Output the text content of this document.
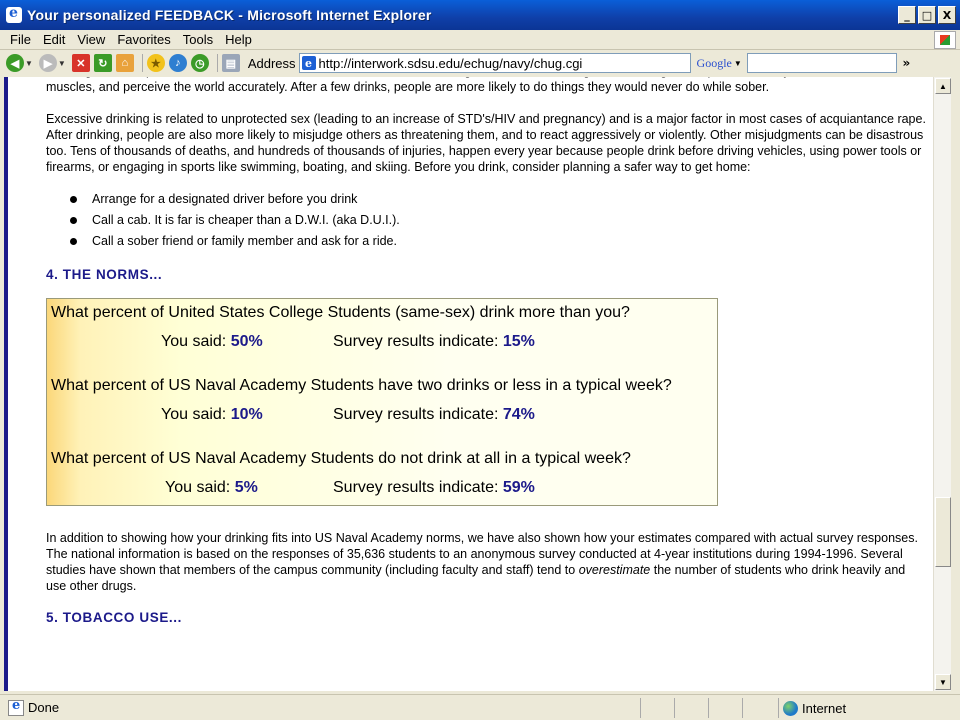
e
Your personalized FEEDBACK - Microsoft Internet Explorer	_	□ X
File Edit View Favorites Tools Help
◀ ▼ ▶ ▼ ✕	↻	⌂	★	♪	◷	▤ Address e http://interwork.sdsu.edu/echug/navy/chug.cgi	Google ▼	»

muscles, and perceive the world accurately. After a few drinks, people are more likely to do things they would never do while sober.

Excessive drinking is related to unprotected sex (leading to an increase of STD's/HIV and pregnancy) and is a major factor in most cases of acquiantance rape. After drinking, people are also more likely to misjudge others as threatening them, and to react aggressively or violently. Other misjudgments can be disastrous too. Tens of thousands of deaths, and hundreds of thousands of injuries, happen every year because people drink before driving vehicles, using power tools or firearms, or engaging in sports like swimming, boating, and skiing. Before you drink, consider planning a safer way to get home:

Arrange for a designated driver before you drink
Call a cab. It is far is cheaper than a D.W.I. (aka D.U.I.).
Call a sober friend or family member and ask for a ride.
4. THE NORMS...
What percent of United States College Students (same-sex) drink more than you?
You said: 50%	Survey results indicate: 15%
What percent of US Naval Academy Students have two drinks or less in a typical week?
You said: 10%	Survey results indicate: 74%
What percent of US Naval Academy Students do not drink at all in a typical week?
You said: 5%	Survey results indicate: 59%

In addition to showing how your drinking fits into US Naval Academy norms, we have also shown how your estimates compared with actual survey responses. The national information is based on the responses of 35,636 students to an anonymous survey conducted at 4-year institutions during 1994-1996. Several studies have shown that members of the campus community (including faculty and staff) tend to overestimate the number of students who drink heavily and use other drugs.

5. TOBACCO USE...
▲
▼
e
Done	Internet
